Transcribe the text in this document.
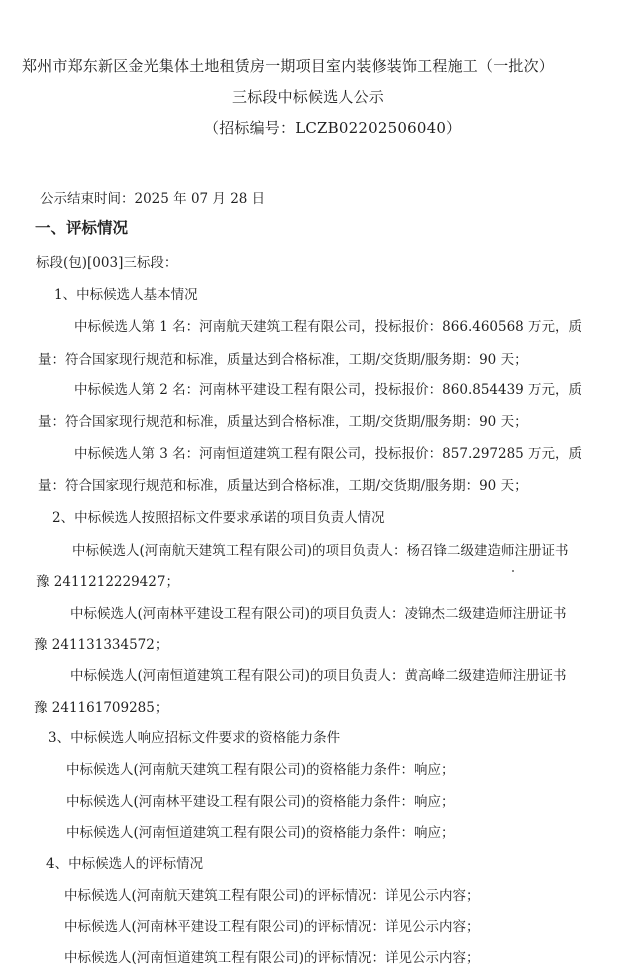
郑州市郑东新区金光集体土地租赁房一期项目室内装修装饰工程施工（一批次）
三标段中标候选人公示
（招标编号：LCZB02202506040）
公示结束时间：2025 年 07 月 28 日
一、评标情况
标段(包)[003]三标段：
1、中标候选人基本情况
中标候选人第 1 名：河南航天建筑工程有限公司，投标报价：866.460568 万元，质
量：符合国家现行规范和标准，质量达到合格标准，工期/交货期/服务期：90 天；
中标候选人第 2 名：河南林平建设工程有限公司，投标报价：860.854439 万元，质
量：符合国家现行规范和标准，质量达到合格标准，工期/交货期/服务期：90 天；
中标候选人第 3 名：河南恒道建筑工程有限公司，投标报价：857.297285 万元，质
量：符合国家现行规范和标准，质量达到合格标准，工期/交货期/服务期：90 天；
2、中标候选人按照招标文件要求承诺的项目负责人情况
中标候选人(河南航天建筑工程有限公司)的项目负责人：杨召锋二级建造师注册证书
豫 241121222942​7；
中标候选人(河南林平建设工程有限公司)的项目负责人：凌锦杰二级建造师注册证书
豫 241131334572；
中标候选人(河南恒道建筑工程有限公司)的项目负责人：黄高峰二级建造师注册证书
豫 241161709285；
3、中标候选人响应招标文件要求的资格能力条件
中标候选人(河南航天建筑工程有限公司)的资格能力条件：响应；
中标候选人(河南林平建设工程有限公司)的资格能力条件：响应；
中标候选人(河南恒道建筑工程有限公司)的资格能力条件：响应；
4、中标候选人的评标情况
中标候选人(河南航天建筑工程有限公司)的评标情况：详见公示内容；
中标候选人(河南林平建设工程有限公司)的评标情况：详见公示内容；
中标候选人(河南恒道建筑工程有限公司)的评标情况：详见公示内容；
